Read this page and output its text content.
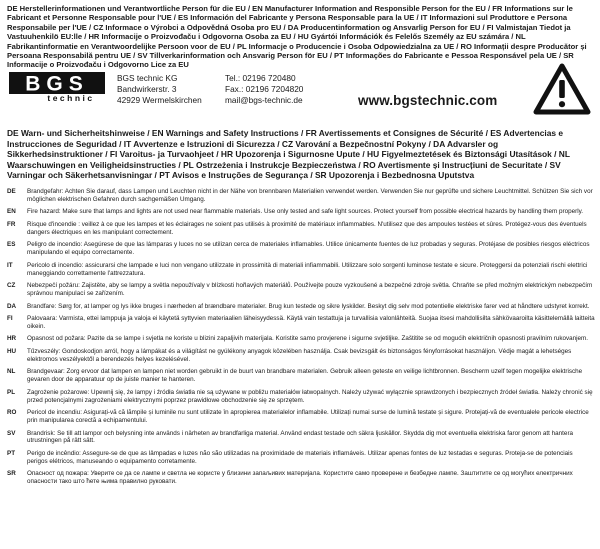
DE Herstellerinformationen und Verantwortliche Person für die EU / EN Manufacturer Information and Responsible Person for the EU / FR Informations sur le Fabricant et Personne Responsable pour l'UE / ES Información del Fabricante y Persona Responsable para la UE / IT Informazioni sul Produttore e Persona Responsabile per l'UE / CZ Informace o Výrobci a Odpovědná Osoba pro EU / DA Producentinformation og Ansvarlig Person for EU / FI Valmistajan Tiedot ja Vastuuhenkilö EU:lle / HR Informacije o Proizvođaču i Odgovorna Osoba za EU / HU Gyártói Információk és Felelős Személy az EU számára / NL Fabrikantinformatie en Verantwoordelijke Persoon voor de EU / PL Informacje o Producencie i Osoba Odpowiedzialna za UE / RO Informații despre Producător și Persoana Responsabilă pentru UE / SV Tillverkarinformation och Ansvarig Person för EU / PT Informações do Fabricante e Pessoa Responsável pela UE / SR Informacije o Proizvođaču i Odgovorno Lice za EU
BGS
technic
BGS technic KG
Bandwirkerstr. 3
42929 Wermelskirchen
Tel.: 02196 720480
Fax.: 02196 7204820
mail@bgs-technic.de	www.bgstechnic.com
DE Warn- und Sicherheitshinweise / EN Warnings and Safety Instructions / FR Avertissements et Consignes de Sécurité / ES Advertencias e Instrucciones de Seguridad / IT Avvertenze e Istruzioni di Sicurezza / CZ Varování a Bezpečnostní Pokyny / DA Advarsler og Sikkerhedsinstruktioner / FI Varoitus- ja Turvaohjeet / HR Upozorenja i Sigurnosne Upute / HU Figyelmeztetések és Biztonsági Utasítások / NL Waarschuwingen en Veiligheidsinstructies / PL Ostrzeżenia i Instrukcje Bezpieczeństwa / RO Avertismente și Instrucțiuni de Securitate / SV Varningar och Säkerhetsanvisningar / PT Avisos e Instruções de Segurança / SR Upozorenja i Bezbednosna Uputstva
DE	Brandgefahr: Achten Sie darauf, dass Lampen und Leuchten nicht in der Nähe von brennbaren Materialien verwendet werden. Verwenden Sie nur geprüfte und sichere Leuchtmittel. Schützen Sie sich vor möglichen elektrischen Gefahren durch sachgemäßen Umgang.
EN	Fire hazard: Make sure that lamps and lights are not used near flammable materials. Use only tested and safe light sources. Protect yourself from possible electrical hazards by handling them properly.
FR	Risque d'incendie : veillez à ce que les lampes et les éclairages ne soient pas utilisés à proximité de matériaux inflammables. N'utilisez que des ampoules testées et sûres. Protégez-vous des éventuels dangers électriques en les manipulant correctement.
ES	Peligro de incendio: Asegúrese de que las lámparas y luces no se utilizan cerca de materiales inflamables. Utilice únicamente fuentes de luz probadas y seguras. Protéjase de posibles riesgos eléctricos manipulando el equipo correctamente.
IT	Pericolo di incendio: assicurarsi che lampade e luci non vengano utilizzate in prossimità di materiali infiammabili. Utilizzare solo sorgenti luminose testate e sicure. Proteggersi da potenziali rischi elettrici maneggiando correttamente l'attrezzatura.
CZ	Nebezpečí požáru: Zajistěte, aby se lampy a světla nepoužívaly v blízkosti hořlavých materiálů. Používejte pouze vyzkoušené a bezpečné zdroje světla. Chraňte se před možným elektrickým nebezpečím správnou manipulací se zařízením.
DA	Brandfare: Sørg for, at lamper og lys ikke bruges i nærheden af brændbare materialer. Brug kun testede og sikre lyskilder. Beskyt dig selv mod potentielle elektriske farer ved at håndtere udstyret korrekt.
FI	Palovaara: Varmista, ettei lamppuja ja valoja ei käytetä syttyvien materiaalien läheisyydessä. Käytä vain testattuja ja turvallisia valonlähteitä. Suojaa itsesi mahdollisilta sähkövaaroilta käsittelemällä laitteita oikein.
HR	Opasnost od požara: Pazite da se lampe i svjetla ne koriste u blizini zapaljivih materijala. Koristite samo provjerene i sigurne svjetiljke. Zaštitite se od mogućih električnih opasnosti pravilnim rukovanjem.
HU	Tűzveszély: Gondoskodjon arról, hogy a lámpákat és a világítást ne gyúlékony anyagok közelében használja. Csak bevizsgált és biztonságos fényforrásokat használjon. Védje magát a lehetséges elektromos veszélyektől a berendezés helyes kezelésével.
NL	Brandgevaar: Zorg ervoor dat lampen en lampen niet worden gebruikt in de buurt van brandbare materialen. Gebruik alleen geteste en veilige lichtbronnen. Bescherm uzelf tegen mogelijke elektrische gevaren door de apparatuur op de juiste manier te hanteren.
PL	Zagrożenie pożarowe: Upewnij się, że lampy i źródła światła nie są używane w pobliżu materiałów łatwopalnych. Należy używać wyłącznie sprawdzonych i bezpiecznych źródeł światła. Należy chronić się przed potencjalnymi zagrożeniami elektrycznymi poprzez prawidłowe obchodzenie się ze sprzętem.
RO	Pericol de incendiu: Asigurați-vă că lămpile și luminile nu sunt utilizate în apropierea materialelor inflamabile. Utilizați numai surse de lumină testate și sigure. Protejați-vă de eventualele pericole electrice prin manipularea corectă a echipamentului.
SV	Brandrisk: Se till att lampor och belysning inte används i närheten av brandfarliga material. Använd endast testade och säkra ljuskällor. Skydda dig mot eventuella elektriska faror genom att hantera utrustningen på rätt sätt.
PT	Perigo de incêndio: Assegure-se de que as lâmpadas e luzes não são utilizadas na proximidade de materiais inflamáveis. Utilizar apenas fontes de luz testadas e seguras. Proteja-se de potenciais perigos elétricos, manuseando o equipamento corretamente.
SR	Опасност од пожара: Уверите се да се лампе и светла не користе у близини запаљивих материјала. Користите само проверене и безбедне лампе. Заштитите се од могућих електричних опасности тако што ћете њима правилно руковати.
